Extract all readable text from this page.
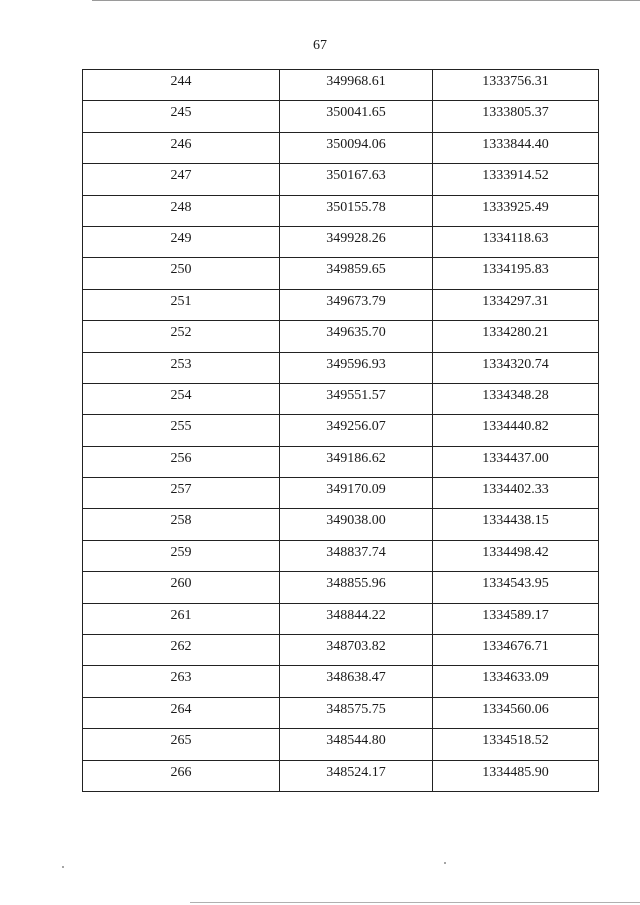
67
244	349968.61	1333756.31
245	350041.65	1333805.37
246	350094.06	1333844.40
247	350167.63	1333914.52
248	350155.78	1333925.49
249	349928.26	1334118.63
250	349859.65	1334195.83
251	349673.79	1334297.31
252	349635.70	1334280.21
253	349596.93	1334320.74
254	349551.57	1334348.28
255	349256.07	1334440.82
256	349186.62	1334437.00
257	349170.09	1334402.33
258	349038.00	1334438.15
259	348837.74	1334498.42
260	348855.96	1334543.95
261	348844.22	1334589.17
262	348703.82	1334676.71
263	348638.47	1334633.09
264	348575.75	1334560.06
265	348544.80	1334518.52
266	348524.17	1334485.90
